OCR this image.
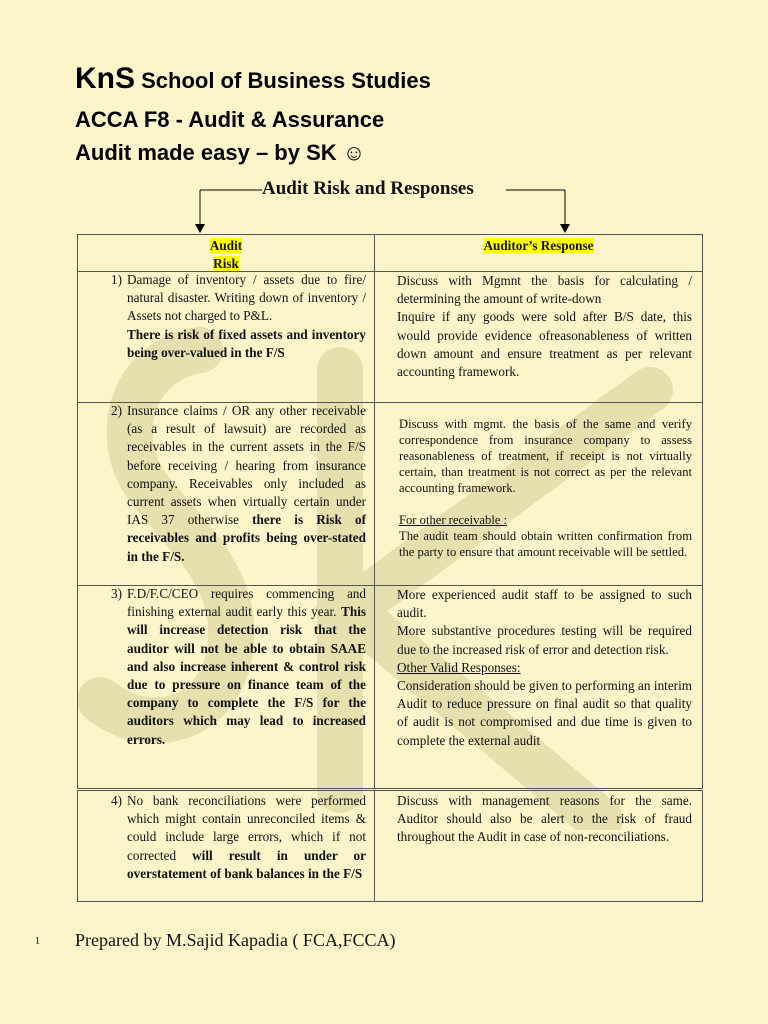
KnS School of Business Studies
ACCA F8 - Audit & Assurance
Audit made easy – by SK ☺
Audit Risk and Responses
Audit
Risk
Auditor’s Response
1) Damage of inventory / assets due to fire/ natural disaster. Writing down of inventory / Assets not charged to P&L.
There is risk of fixed assets and inventory being over-valued in the F/S
Discuss with Mgmnt the basis for calculating / determining the amount of write-down
Inquire if any goods were sold after B/S date, this would provide evidence ofreasonableness of written down amount and ensure treatment as per relevant accounting framework.
2) Insurance claims / OR any other receivable (as a result of lawsuit) are recorded as receivables in the current assets in the F/S before receiving / hearing from insurance company. Receivables only included as current assets when virtually certain under IAS 37 otherwise there is Risk of receivables and profits being over-stated in the F/S.
Discuss with mgmt. the basis of the same and verify correspondence from insurance company to assess reasonableness of treatment, if receipt is not virtually certain, than treatment is not correct as per the relevant accounting framework.
For other receivable :
The audit team should obtain written confirmation from the party to ensure that amount receivable will be settled.
3) F.D/F.C/CEO requires commencing and finishing external audit early this year. This will increase detection risk that the auditor will not be able to obtain SAAE and also increase inherent & control risk due to pressure on finance team of the company to complete the F/S for the auditors which may lead to increased errors.
More experienced audit staff to be assigned to such audit.
More substantive procedures testing will be required due to the increased risk of error and detection risk.
Other Valid Responses:
Consideration should be given to performing an interim Audit to reduce pressure on final audit so that quality of audit is not compromised and due time is given to complete the external audit
4) No bank reconciliations were performed which might contain unreconciled items & could include large errors, which if not corrected will result in under or overstatement of bank balances in the F/S
Discuss with management reasons for the same. Auditor should also be alert to the risk of fraud throughout the Audit in case of non-reconciliations.
1 Prepared by M.Sajid Kapadia ( FCA,FCCA)
